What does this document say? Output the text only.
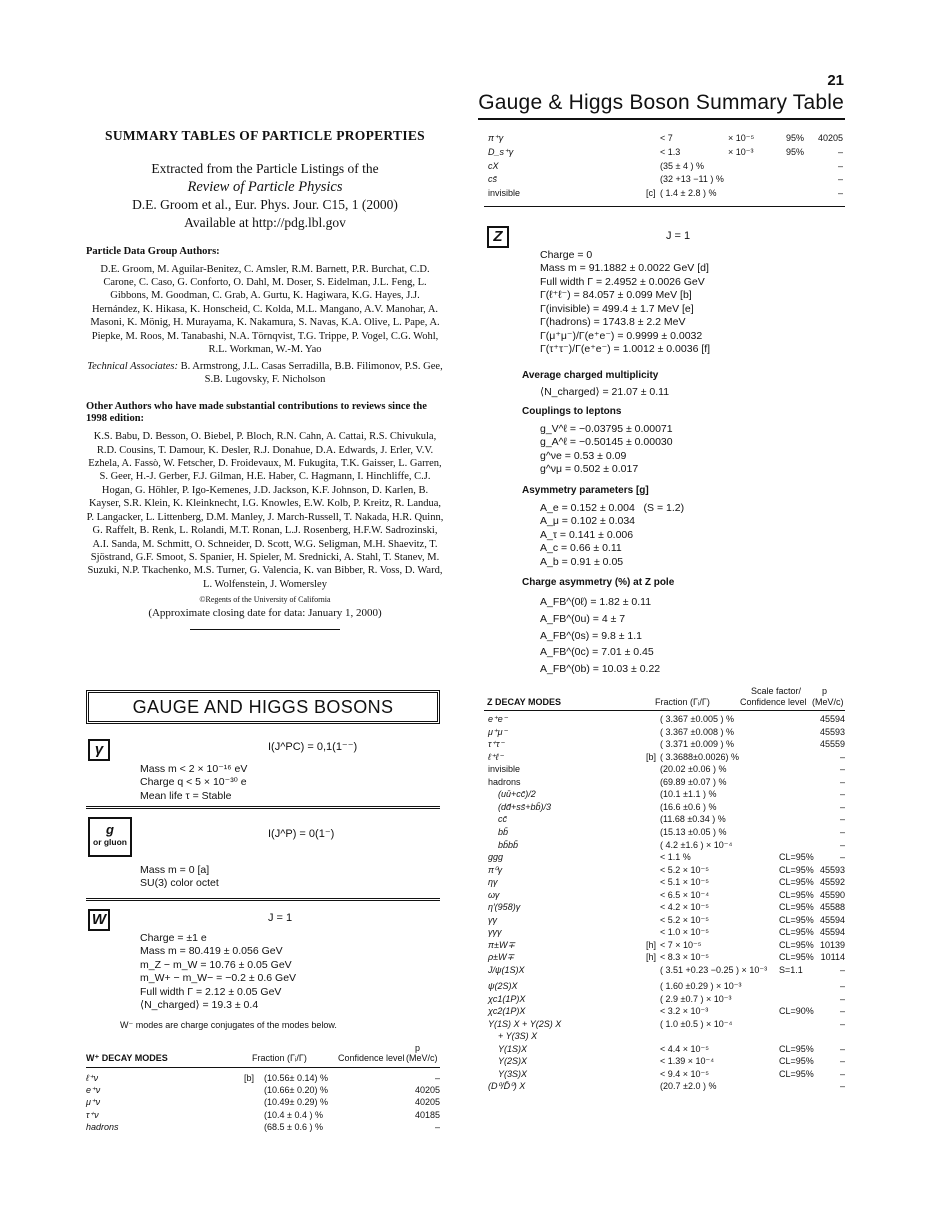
21
Gauge & Higgs Boson Summary Table
SUMMARY TABLES OF PARTICLE PROPERTIES
Extracted from the Particle Listings of the
Review of Particle Physics
D.E. Groom et al., Eur. Phys. Jour. C15, 1 (2000)
Available at http://pdg.lbl.gov
Particle Data Group Authors:
D.E. Groom, M. Aguilar-Benitez, C. Amsler, R.M. Barnett, P.R. Burchat, C.D. Carone, C. Caso, G. Conforto, O. Dahl, M. Doser, S. Eidelman, J.L. Feng, L. Gibbons, M. Goodman, C. Grab, A. Gurtu, K. Hagiwara, K.G. Hayes, J.J. Hernández, K. Hikasa, K. Honscheid, C. Kolda, M.L. Mangano, A.V. Manohar, A. Masoni, K. Mönig, H. Murayama, K. Nakamura, S. Navas, K.A. Olive, L. Pape, A. Piepke, M. Roos, M. Tanabashi, N.A. Törnqvist, T.G. Trippe, P. Vogel, C.G. Wohl, R.L. Workman, W.-M. Yao
Technical Associates: B. Armstrong, J.L. Casas Serradilla, B.B. Filimonov, P.S. Gee, S.B. Lugovsky, F. Nicholson
Other Authors who have made substantial contributions to reviews since the 1998 edition:
K.S. Babu, D. Besson, O. Biebel, P. Bloch, R.N. Cahn, A. Cattai, R.S. Chivukula, R.D. Cousins, T. Damour, K. Desler, R.J. Donahue, D.A. Edwards, J. Erler, V.V. Ezhela, A. Fassò, W. Fetscher, D. Froidevaux, M. Fukugita, T.K. Gaisser, L. Garren, S. Geer, H.-J. Gerber, F.J. Gilman, H.E. Haber, C. Hagmann, I. Hinchliffe, C.J. Hogan, G. Höhler, P. Igo-Kemenes, J.D. Jackson, K.F. Johnson, D. Karlen, B. Kayser, S.R. Klein, K. Kleinknecht, I.G. Knowles, E.W. Kolb, P. Kreitz, R. Landua, P. Langacker, L. Littenberg, D.M. Manley, J. March-Russell, T. Nakada, H.R. Quinn, G. Raffelt, B. Renk, L. Rolandi, M.T. Ronan, L.J. Rosenberg, H.F.W. Sadrozinski, A.I. Sanda, M. Schmitt, O. Schneider, D. Scott, W.G. Seligman, M.H. Shaevitz, T. Sjöstrand, G.F. Smoot, S. Spanier, H. Spieler, M. Srednicki, A. Stahl, T. Stanev, M. Suzuki, N.P. Tkachenko, M.S. Turner, G. Valencia, K. van Bibber, R. Voss, D. Ward, L. Wolfenstein, J. Womersley
©Regents of the University of California
(Approximate closing date for data: January 1, 2000)
GAUGE AND HIGGS BOSONS
γ	I(J^PC) = 0,1(1⁻⁻)
Mass m < 2 × 10⁻¹⁶ eV
Charge q < 5 × 10⁻³⁰ e
Mean life τ = Stable
g
or gluon
I(J^P) = 0(1⁻)
Mass m = 0 [a]
SU(3) color octet
W	J = 1
Charge = ±1 e
Mass m = 80.419 ± 0.056 GeV
m_Z − m_W = 10.76 ± 0.05 GeV
m_W+ − m_W− = −0.2 ± 0.6 GeV
Full width Γ = 2.12 ± 0.05 GeV
⟨N_charged⟩ = 19.3 ± 0.4
W⁻ modes are charge conjugates of the modes below.
p
W⁺ DECAY MODES	Fraction (Γᵢ/Γ)	Confidence level (MeV/c)
ℓ⁺ν	[b] (10.56± 0.14) %	–
e⁺ν	(10.66± 0.20) %	40205
μ⁺ν	(10.49± 0.29) %	40205
τ⁺ν	(10.4 ± 0.4 ) %	40185
hadrons	(68.5 ± 0.6 ) %	–
π⁺γ	< 7	× 10⁻⁵	95%	40205
D_s⁺γ	< 1.3	× 10⁻³	95%	–
cX	(35 ± 4 ) %	–
cs̄	(32 +13 −11 ) %	–
invisible	[c] ( 1.4 ± 2.8 ) %	–
Z	J = 1
Charge = 0
Mass m = 91.1882 ± 0.0022 GeV [d]
Full width Γ = 2.4952 ± 0.0026 GeV
Γ(ℓ⁺ℓ⁻) = 84.057 ± 0.099 MeV [b]
Γ(invisible) = 499.4 ± 1.7 MeV [e]
Γ(hadrons) = 1743.8 ± 2.2 MeV
Γ(μ⁺μ⁻)/Γ(e⁺e⁻) = 0.9999 ± 0.0032
Γ(τ⁺τ⁻)/Γ(e⁺e⁻) = 1.0012 ± 0.0036 [f]
Average charged multiplicity
⟨N_charged⟩ = 21.07 ± 0.11
Couplings to leptons
g_V^ℓ = −0.03795 ± 0.00071
g_A^ℓ = −0.50145 ± 0.00030
g^νe = 0.53 ± 0.09
g^νμ = 0.502 ± 0.017
Asymmetry parameters [g]
A_e = 0.152 ± 0.004   (S = 1.2)
A_μ = 0.102 ± 0.034
A_τ = 0.141 ± 0.006
A_c = 0.66 ± 0.11
A_b = 0.91 ± 0.05
Charge asymmetry (%) at Z pole
A_FB^(0ℓ) = 1.82 ± 0.11
A_FB^(0u) = 4 ± 7
A_FB^(0s) = 9.8 ± 1.1
A_FB^(0c) = 7.01 ± 0.45
A_FB^(0b) = 10.03 ± 0.22
Scale factor/ p
Z DECAY MODES	Fraction (Γᵢ/Γ)	Confidence level (MeV/c)
e⁺e⁻	( 3.367 ±0.005 ) %	45594
μ⁺μ⁻	( 3.367 ±0.008 ) %	45593
τ⁺τ⁻	( 3.371 ±0.009 ) %	45559
ℓ⁺ℓ⁻	[b] ( 3.3688±0.0026) %	–
invisible	(20.02 ±0.06 ) %	–
hadrons	(69.89 ±0.07 ) %	–
(uū+cc̄)/2	(10.1 ±1.1 ) %	–
(dd̄+ss̄+bb̄)/3	(16.6 ±0.6 ) %	–
cc̄	(11.68 ±0.34 ) %	–
bb̄	(15.13 ±0.05 ) %	–
bb̄bb̄	( 4.2 ±1.6 ) × 10⁻⁴	–
ggg	< 1.1 %	CL=95%	–
π⁰γ	< 5.2 × 10⁻⁵	CL=95% 45593
ηγ	< 5.1 × 10⁻⁵	CL=95% 45592
ωγ	< 6.5 × 10⁻⁴	CL=95% 45590
η′(958)γ	< 4.2 × 10⁻⁵	CL=95% 45588
γγ	< 5.2 × 10⁻⁵	CL=95% 45594
γγγ	< 1.0 × 10⁻⁵	CL=95% 45594
π±W∓	[h] < 7 × 10⁻⁵	CL=95% 10139
ρ±W∓	[h] < 8.3 × 10⁻⁵	CL=95% 10114
J/ψ(1S)X	( 3.51 +0.23 −0.25 ) × 10⁻³ S=1.1	–
ψ(2S)X	( 1.60 ±0.29 ) × 10⁻³	–
χc1(1P)X	( 2.9 ±0.7 ) × 10⁻³	–
χc2(1P)X	< 3.2 × 10⁻³	CL=90%	–
Υ(1S) X + Υ(2S) X	( 1.0 ±0.5 ) × 10⁻⁴	–
+ Υ(3S) X
Υ(1S)X	< 4.4 × 10⁻⁵	CL=95%	–
Υ(2S)X	< 1.39 × 10⁻⁴	CL=95%	–
Υ(3S)X	< 9.4 × 10⁻⁵	CL=95%	–
(D⁰/D̄⁰) X	(20.7 ±2.0 ) %	–
